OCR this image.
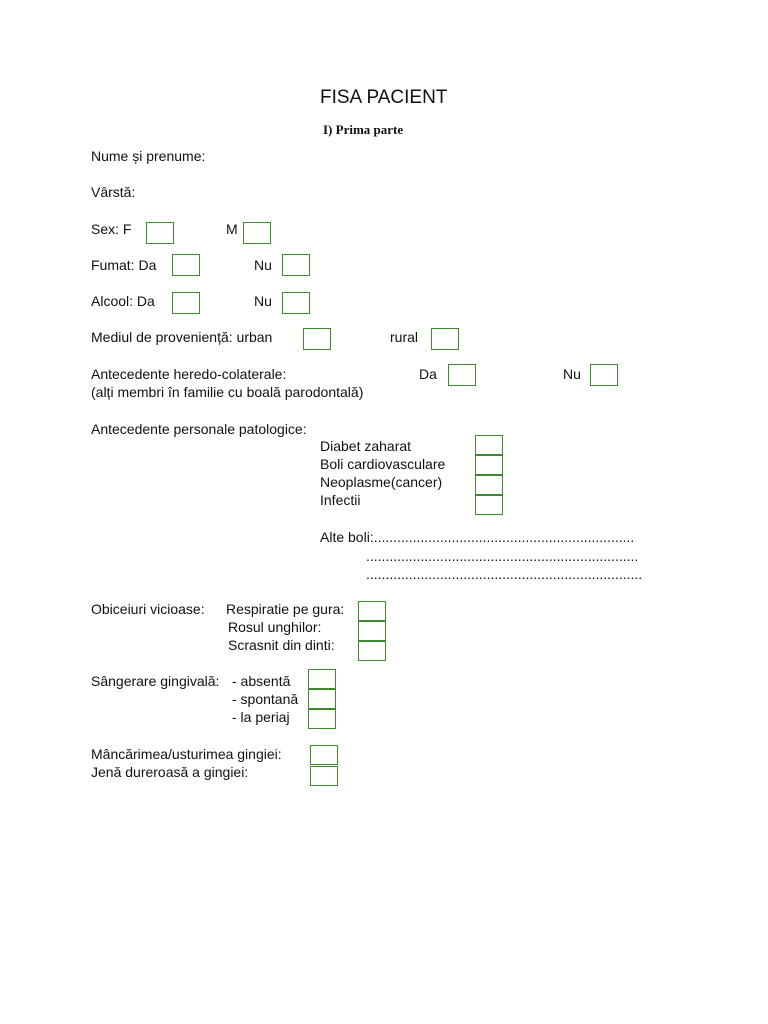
FISA PACIENT
I) Prima parte
Nume și prenume:
Vârstă:
Sex: F	M
Fumat: Da	Nu
Alcool: Da	Nu
Mediul de proveniență: urban	rural
Antecedente heredo-colaterale:	Da	Nu
(alți membri în familie cu boală parodontală)
Antecedente personale patologice:
Diabet zaharat
Boli cardiovasculare
Neoplasme(cancer)
Infectii
Alte boli:...................................................................
......................................................................
.......................................................................
Obiceiuri vicioase: Respiratie pe gura:
Rosul unghilor:
Scrasnit din dinti:
Sângerare gingivală: - absentă
- spontană
- la periaj
Mâncărimea/usturimea gingiei:
Jenă dureroasă a gingiei:
